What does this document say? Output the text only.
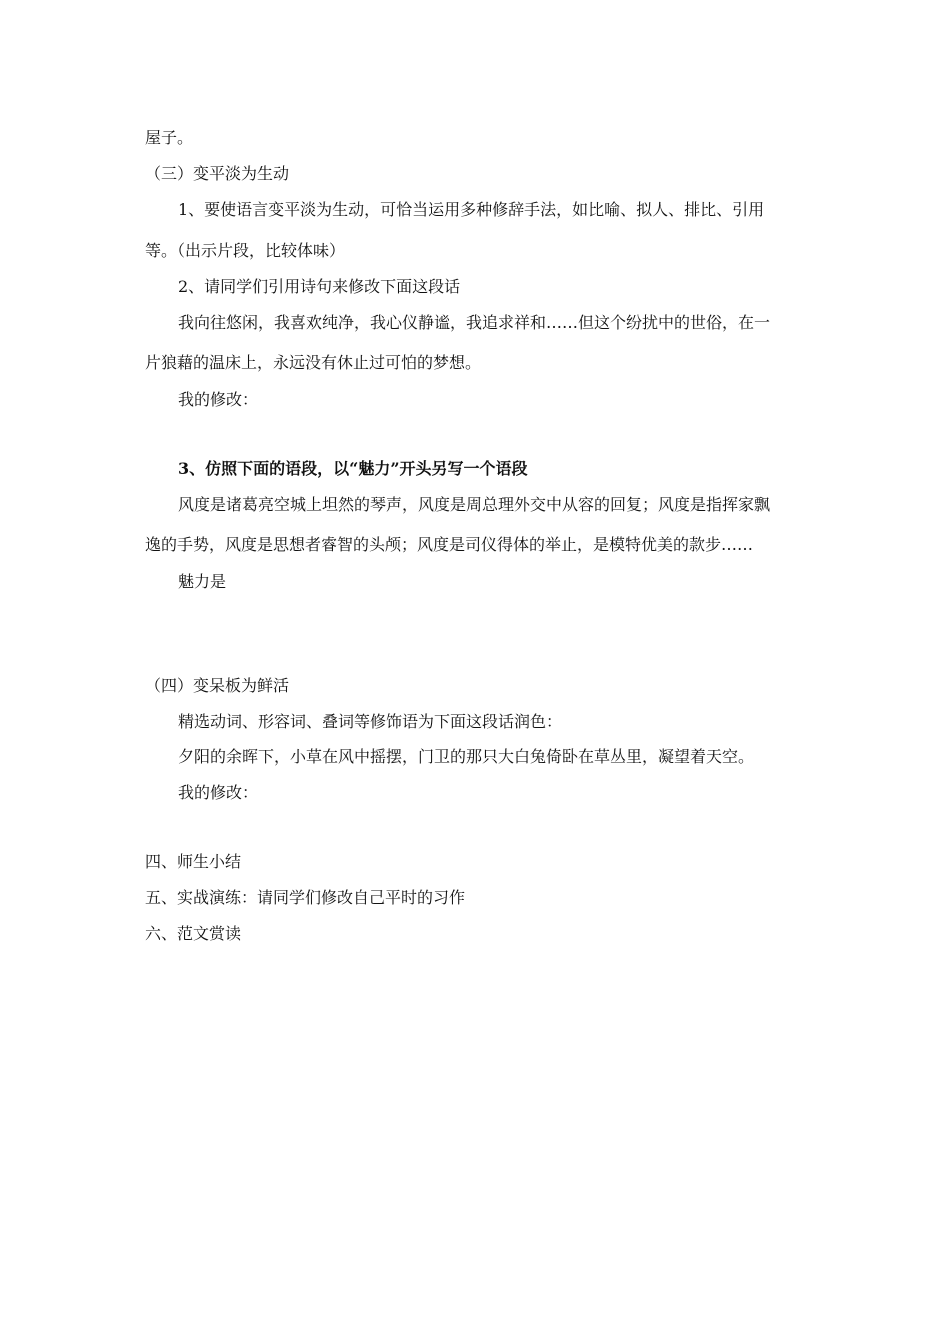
屋子。
（三）变平淡为生动
1、要使语言变平淡为生动，可恰当运用多种修辞手法，如比喻、拟人、排比、引用
等。（出示片段，比较体味）
2、请同学们引用诗句来修改下面这段话
我向往悠闲，我喜欢纯净，我心仪静谧，我追求祥和……但这个纷扰中的世俗，在一
片狼藉的温床上，永远没有休止过可怕的梦想。
我的修改：
3、仿照下面的语段，以“魅力”开头另写一个语段
风度是诸葛亮空城上坦然的琴声，风度是周总理外交中从容的回复；风度是指挥家飘
逸的手势，风度是思想者睿智的头颅；风度是司仪得体的举止，是模特优美的款步……
魅力是
（四）变呆板为鲜活
精选动词、形容词、叠词等修饰语为下面这段话润色：
夕阳的余晖下，小草在风中摇摆，门卫的那只大白兔倚卧在草丛里，凝望着天空。
我的修改：
四、师生小结
五、实战演练：请同学们修改自己平时的习作
六、范文赏读
